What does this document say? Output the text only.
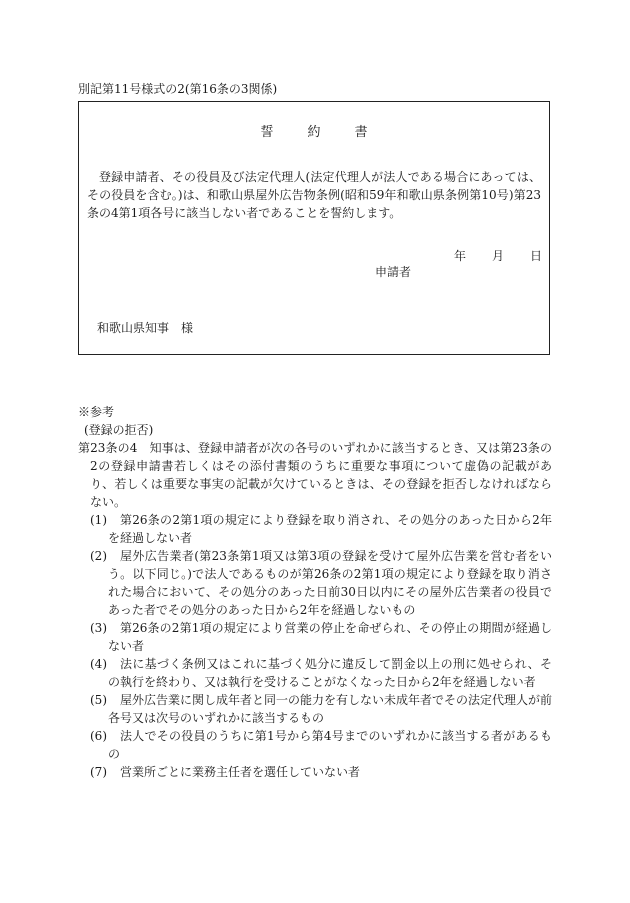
別記第11号様式の2(第16条の3関係)
誓約書
登録申請者、その役員及び法定代理人(法定代理人が法人である場合にあっては、その役員を含む。)は、和歌山県屋外広告物条例(昭和59年和歌山県条例第10号)第23条の4第1項各号に該当しない者であることを誓約します。
年 月 日
申請者
和歌山県知事　様
※参考
(登録の拒否)
第23条の4　知事は、登録申請者が次の各号のいずれかに該当するとき、又は第23条の2の登録申請書若しくはその添付書類のうちに重要な事項について虚偽の記載があり、若しくは重要な事実の記載が欠けているときは、その登録を拒否しなければならない。
(1)	第26条の2第1項の規定により登録を取り消され、その処分のあった日から2年を経過しない者
(2)	屋外広告業者(第23条第1項又は第3項の登録を受けて屋外広告業を営む者をいう。以下同じ。)で法人であるものが第26条の2第1項の規定により登録を取り消された場合において、その処分のあった日前30日以内にその屋外広告業者の役員であった者でその処分のあった日から2年を経過しないもの
(3)	第26条の2第1項の規定により営業の停止を命ぜられ、その停止の期間が経過しない者
(4)	法に基づく条例又はこれに基づく処分に違反して罰金以上の刑に処せられ、その執行を終わり、又は執行を受けることがなくなった日から2年を経過しない者
(5)	屋外広告業に関し成年者と同一の能力を有しない未成年者でその法定代理人が前各号又は次号のいずれかに該当するもの
(6)	法人でその役員のうちに第1号から第4号までのいずれかに該当する者があるもの
(7)	営業所ごとに業務主任者を選任していない者
